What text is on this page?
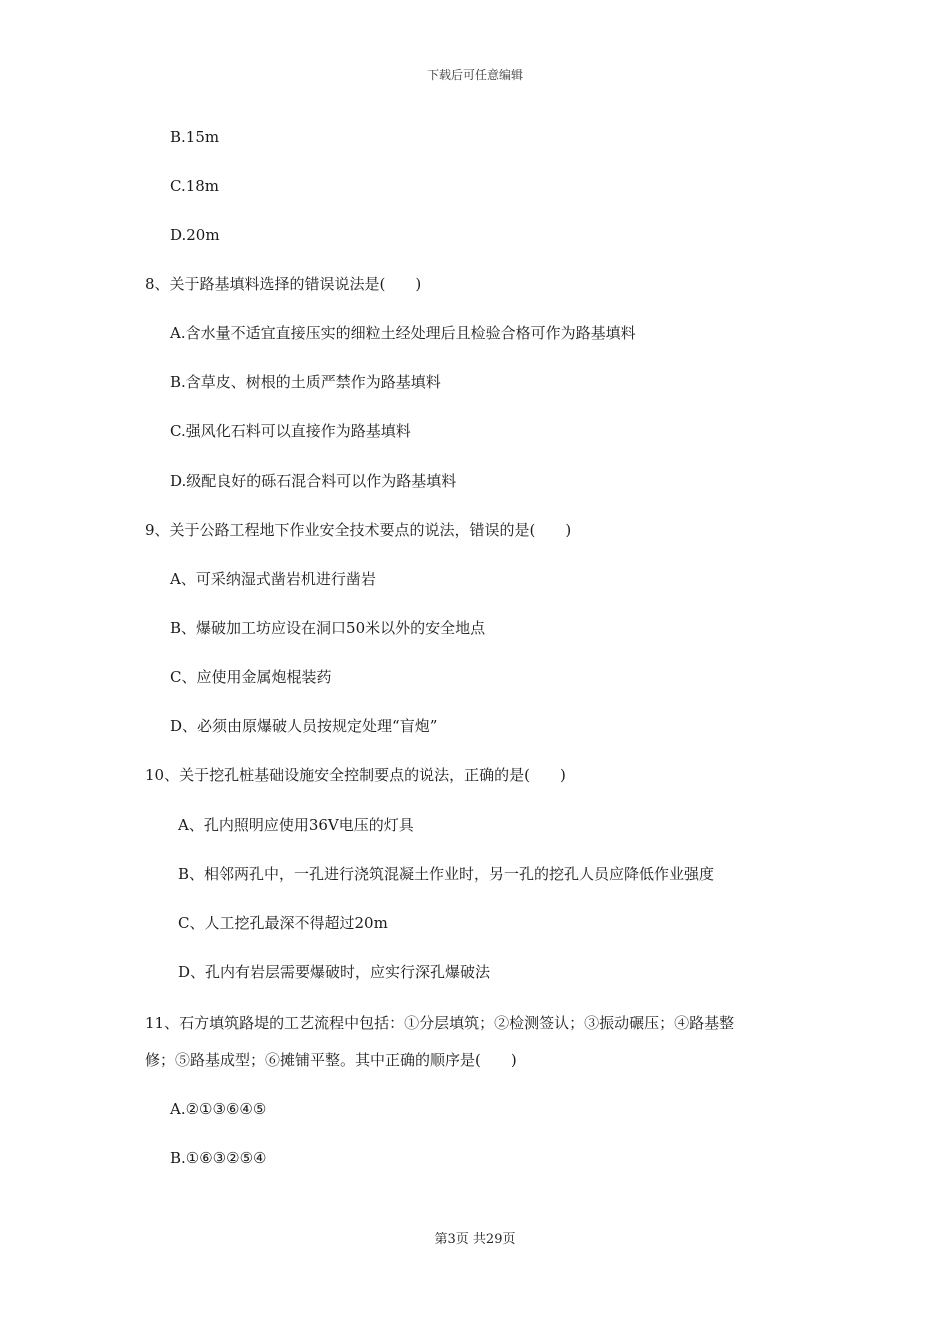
下载后可任意编辑
B.15m
C.18m
D.20m
8、关于路基填料选择的错误说法是(　　)
A.含水量不适宜直接压实的细粒土经处理后且检验合格可作为路基填料
B.含草皮、树根的土质严禁作为路基填料
C.强风化石料可以直接作为路基填料
D.级配良好的砾石混合料可以作为路基填料
9、关于公路工程地下作业安全技术要点的说法，错误的是(　　)
A、可采纳湿式凿岩机进行凿岩
B、爆破加工坊应设在洞口50米以外的安全地点
C、应使用金属炮棍装药
D、必须由原爆破人员按规定处理“盲炮”
10、关于挖孔桩基础设施安全控制要点的说法，正确的是(　　)
A、孔内照明应使用36V电压的灯具
B、相邻两孔中，一孔进行浇筑混凝土作业时，另一孔的挖孔人员应降低作业强度
C、人工挖孔最深不得超过20m
D、孔内有岩层需要爆破时，应实行深孔爆破法
11、石方填筑路堤的工艺流程中包括：①分层填筑；②检测签认；③振动碾压；④路基整
修；⑤路基成型；⑥摊铺平整。其中正确的顺序是(　　)
A.②①③⑥④⑤
B.①⑥③②⑤④
第3页 共29页
